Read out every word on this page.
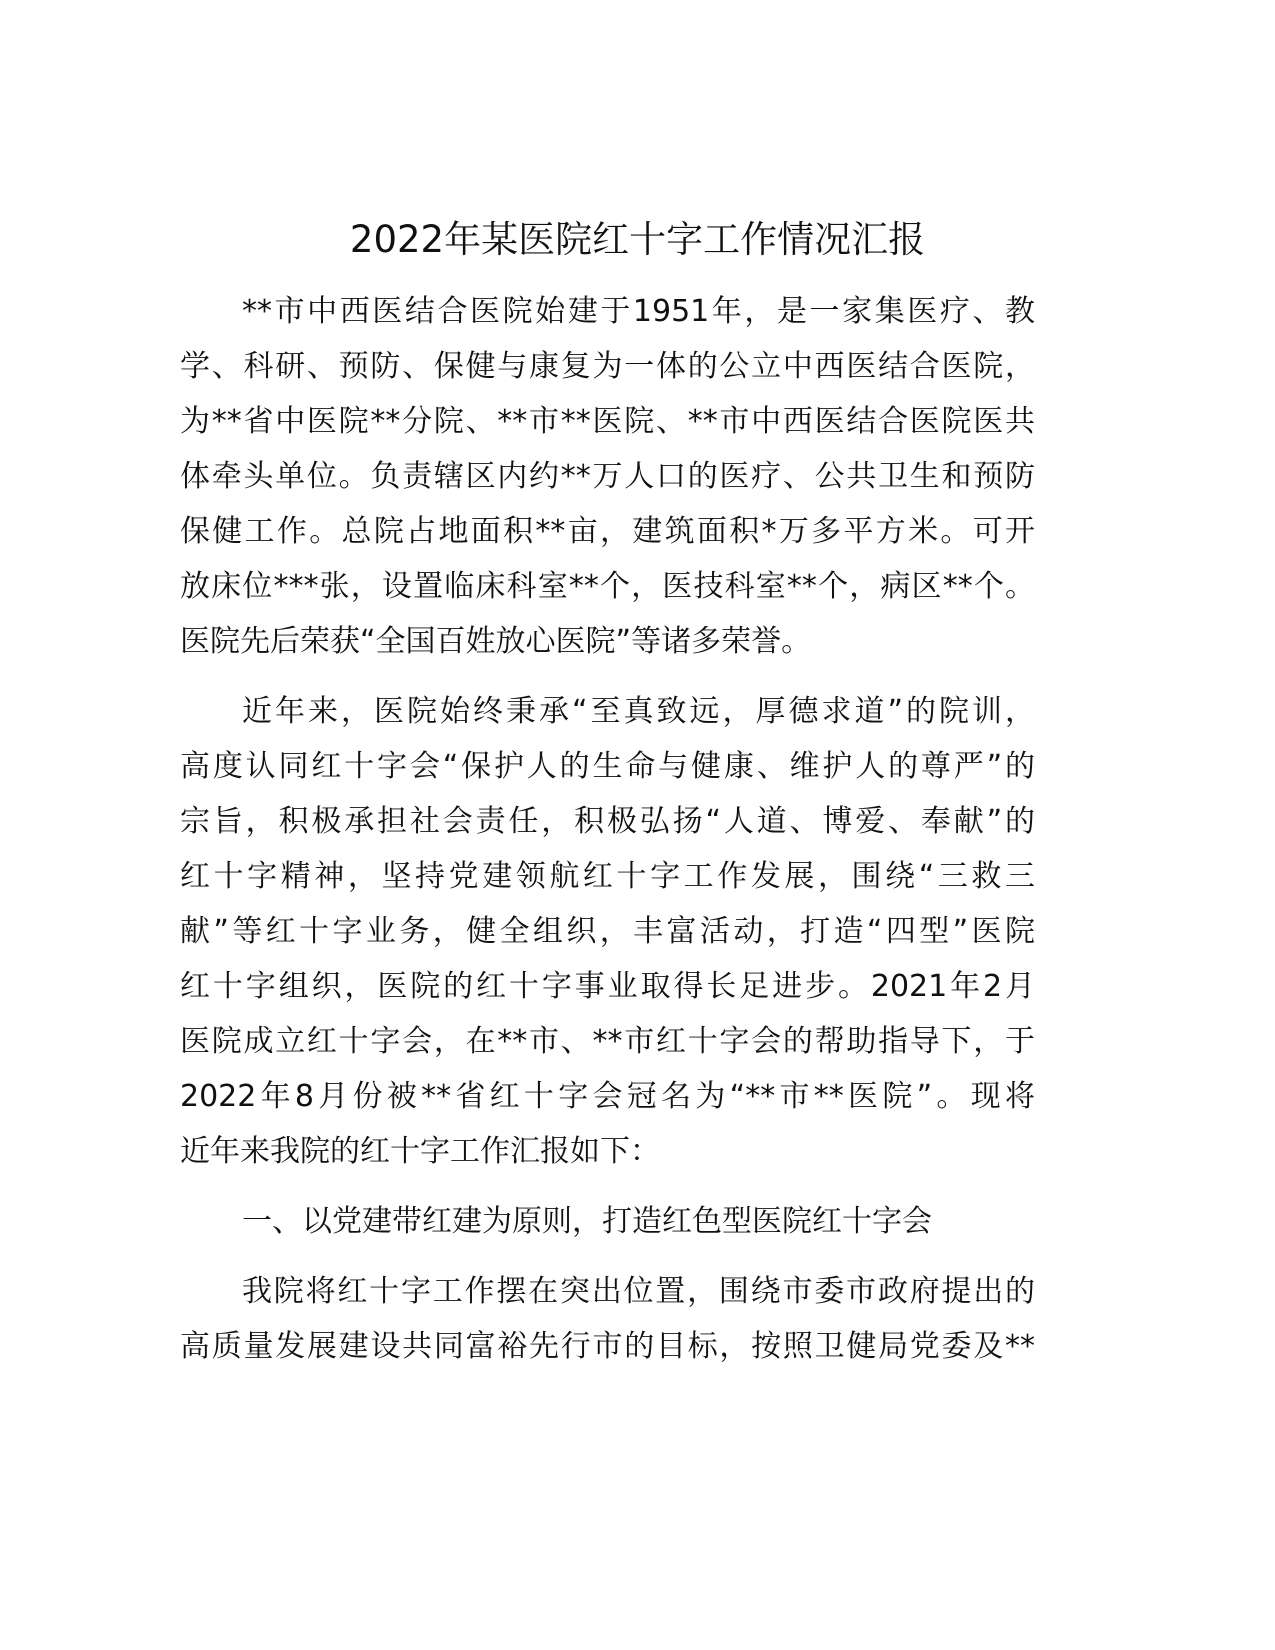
2022年某医院红十字工作情况汇报
**市中西医结合医院始建于1951年，是一家集医疗、教
学、科研、预防、保健与康复为一体的公立中西医结合医院，
为**省中医院**分院、**市**医院、**市中西医结合医院医共
体牵头单位。负责辖区内约**万人口的医疗、公共卫生和预防
保健工作。总院占地面积**亩，建筑面积*万多平方米。可开
放床位***张，设置临床科室**个，医技科室**个，病区**个。
医院先后荣获“全国百姓放心医院”等诸多荣誉。
近年来，医院始终秉承“至真致远，厚德求道”的院训，
高度认同红十字会“保护人的生命与健康、维护人的尊严”的
宗旨，积极承担社会责任，积极弘扬“人道、博爱、奉献”的
红十字精神，坚持党建领航红十字工作发展，围绕“三救三
献”等红十字业务，健全组织，丰富活动，打造“四型”医院
红十字组织，医院的红十字事业取得长足进步。2021年2月
医院成立红十字会，在**市、**市红十字会的帮助指导下，于
2022年8月份被**省红十字会冠名为“**市**医院”。现将
近年来我院的红十字工作汇报如下：
一、以党建带红建为原则，打造红色型医院红十字会
我院将红十字工作摆在突出位置，围绕市委市政府提出的
高质量发展建设共同富裕先行市的目标，按照卫健局党委及**
